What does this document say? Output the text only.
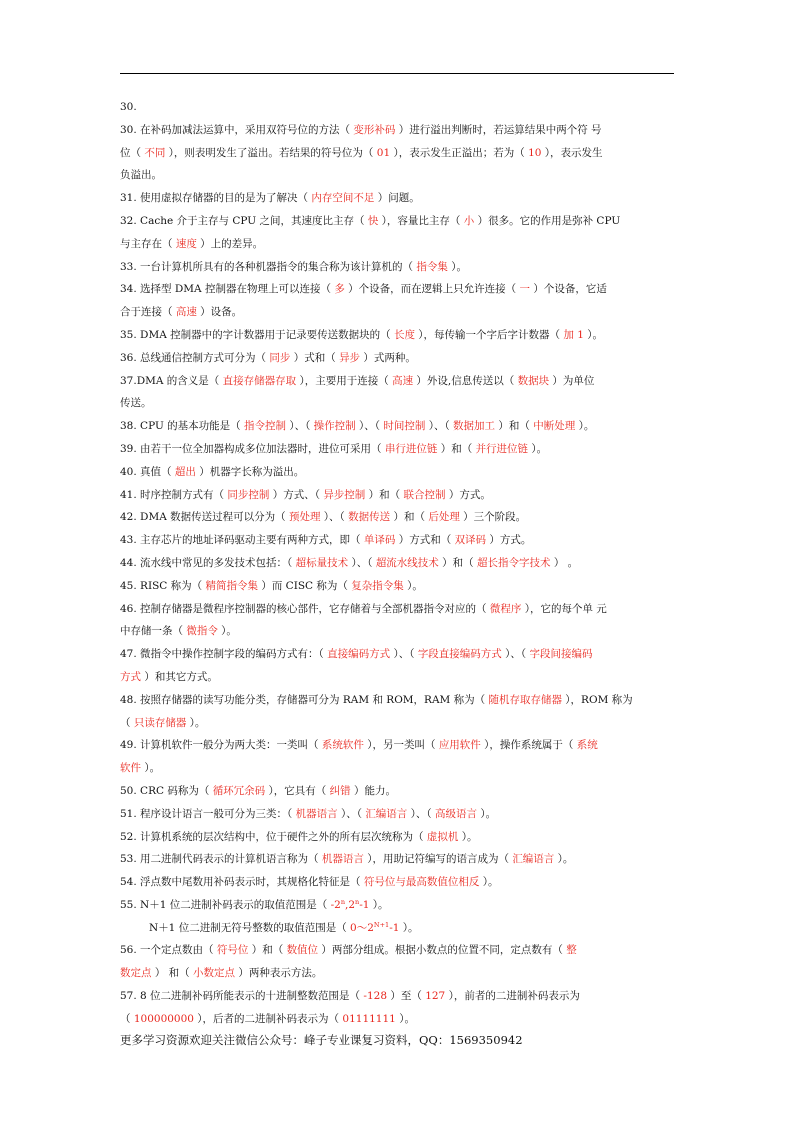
30.
30. 在补码加减法运算中，采用双符号位的方法（ 变形补码 ）进行溢出判断时，若运算结果中两个符 号
位（ 不同 ），则表明发生了溢出。若结果的符号位为（ 01 ），表示发生正溢出；若为（ 10 ），表示发生
负溢出。
31. 使用虚拟存储器的目的是为了解决（ 内存空间不足 ）问题。
32. Cache 介于主存与 CPU 之间，其速度比主存（ 快 ），容量比主存（ 小 ）很多。它的作用是弥补 CPU
与主存在（ 速度 ）上的差异。
33. 一台计算机所具有的各种机器指令的集合称为该计算机的（ 指令集 ）。
34. 选择型 DMA 控制器在物理上可以连接（ 多 ）个设备，而在逻辑上只允许连接（ 一 ）个设备，它适
合于连接（ 高速 ）设备。
35. DMA 控制器中的字计数器用于记录要传送数据块的（ 长度 ），每传输一个字后字计数器（ 加 1 ）。
36. 总线通信控制方式可分为（ 同步 ）式和（ 异步 ）式两种。
37.DMA 的含义是（ 直接存储器存取 ），主要用于连接（ 高速 ）外设,信息传送以（ 数据块 ）为单位
传送。
38. CPU 的基本功能是（ 指令控制 ）、（ 操作控制 ）、（ 时间控制 ）、（ 数据加工 ）和（ 中断处理 ）。
39. 由若干一位全加器构成多位加法器时，进位可采用（ 串行进位链 ）和（ 并行进位链 ）。
40. 真值（ 超出 ）机器字长称为溢出。
41. 时序控制方式有（ 同步控制 ）方式、（ 异步控制 ）和（ 联合控制 ）方式。
42. DMA 数据传送过程可以分为（ 预处理 ）、（ 数据传送 ）和（ 后处理 ）三个阶段。
43. 主存芯片的地址译码驱动主要有两种方式，即（ 单译码 ）方式和（ 双译码 ）方式。
44. 流水线中常见的多发技术包括：（ 超标量技术 ）、（ 超流水线技术 ）和（ 超长指令字技术 ） 。
45. RISC 称为（ 精简指令集 ）而 CISC 称为（ 复杂指令集 ）。
46. 控制存储器是微程序控制器的核心部件，它存储着与全部机器指令对应的（ 微程序 ），它的每个单 元
中存储一条（ 微指令 ）。
47. 微指令中操作控制字段的编码方式有：（ 直接编码方式 ）、（ 字段直接编码方式 ）、（ 字段间接编码
方式 ）和其它方式。
48. 按照存储器的读写功能分类，存储器可分为 RAM 和 ROM，RAM 称为（ 随机存取存储器 ），ROM 称为
（ 只读存储器 ）。
49. 计算机软件一般分为两大类：一类叫（ 系统软件 ），另一类叫（ 应用软件 ），操作系统属于（ 系统
软件 ）。
50. CRC 码称为（ 循环冗余码 ），它具有（ 纠错 ）能力。
51. 程序设计语言一般可分为三类：（ 机器语言 ）、（ 汇编语言 ）、（ 高级语言 ）。
52. 计算机系统的层次结构中，位于硬件之外的所有层次统称为（ 虚拟机 ）。
53. 用二进制代码表示的计算机语言称为（ 机器语言 ），用助记符编写的语言成为（ 汇编语言 ）。
54. 浮点数中尾数用补码表示时，其规格化特征是（ 符号位与最高数值位相反 ）。
55. N＋1 位二进制补码表示的取值范围是（ -2$^n$,2$^n$-1 ）。
N＋1 位二进制无符号整数的取值范围是（ $0\sim 2^{N+1}-1$ ）。
56. 一个定点数由（ 符号位 ）和（ 数值位 ）两部分组成。根据小数点的位置不同，定点数有（ 整
数定点 ） 和（ 小数定点 ）两种表示方法。
57. 8 位二进制补码所能表示的十进制整数范围是（ -128 ）至（ 127 ），前者的二进制补码表示为
（ 100000000 ），后者的二进制补码表示为（ 01111111 ）。
更多学习资源欢迎关注微信公众号：峰子专业课复习资料，QQ：1569350942
